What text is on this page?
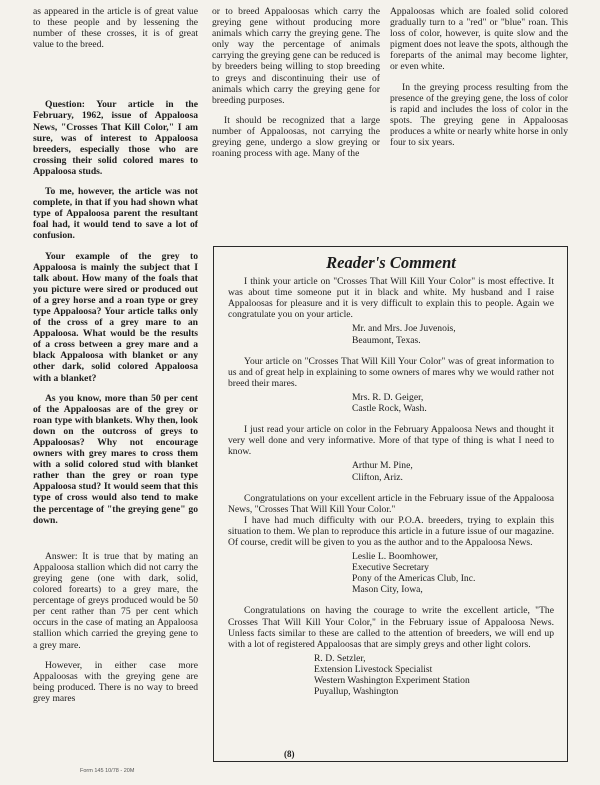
as appeared in the article is of great value to these people and by lessening the number of these crosses, it is of great value to the breed.

Question: Your article in the February, 1962, issue of Appaloosa News, "Crosses That Kill Color," I am sure, was of interest to Appaloosa breeders, especially those who are crossing their solid colored mares to Appaloosa studs.

To me, however, the article was not complete, in that if you had shown what type of Appaloosa parent the resultant foal had, it would tend to save a lot of confusion.

Your example of the grey to Appaloosa is mainly the subject that I talk about. How many of the foals that you picture were sired or produced out of a grey horse and a roan type or grey type Appaloosa? Your article talks only of the cross of a grey mare to an Appaloosa. What would be the results of a cross between a grey mare and a black Appaloosa with blanket or any other dark, solid colored Appaloosa with a blanket?

As you know, more than 50 per cent of the Appaloosas are of the grey or roan type with blankets. Why then, look down on the outcross of greys to Appaloosas? Why not encourage owners with grey mares to cross them with a solid colored stud with blanket rather than the grey or roan type Appaloosa stud? It would seem that this type of cross would also tend to make the percentage of "the greying gene" go down.

Answer: It is true that by mating an Appaloosa stallion which did not carry the greying gene (one with dark, solid, colored forearts) to a grey mare, the percentage of greys produced would be 50 per cent rather than 75 per cent which occurs in the case of mating an Appaloosa stallion which carried the greying gene to a grey mare.

However, in either case more Appaloosas with the greying gene are being produced. There is no way to breed grey mares

or to breed Appaloosas which carry the greying gene without producing more animals which carry the greying gene. The only way the percentage of animals carrying the greying gene can be reduced is by breeders being willing to stop breeding to greys and discontinuing their use of animals which carry the greying gene for breeding purposes.

It should be recognized that a large number of Appaloosas, not carrying the greying gene, undergo a slow greying or roaning process with age. Many of the

Appaloosas which are foaled solid colored gradually turn to a "red" or "blue" roan. This loss of color, however, is quite slow and the pigment does not leave the spots, although the foreparts of the animal may become lighter, or even white.

In the greying process resulting from the presence of the greying gene, the loss of color is rapid and includes the loss of color in the spots. The greying gene in Appaloosas produces a white or nearly white horse in only four to six years.

Reader's Comment

I think your article on "Crosses That Will Kill Your Color" is most effective. It was about time someone put it in black and white. My husband and I raise Appaloosas for pleasure and it is very difficult to explain this to people. Again we congratulate you on your article.

Mr. and Mrs. Joe Juvenois,
Beaumont, Texas.

Your article on "Crosses That Will Kill Your Color" was of great information to us and of great help in explaining to some owners of mares why we would rather not breed their mares.

Mrs. R. D. Geiger,
Castle Rock, Wash.

I just read your article on color in the February Appaloosa News and thought it very well done and very informative. More of that type of thing is what I need to know.

Arthur M. Pine,
Clifton, Ariz.

Congratulations on your excellent article in the February issue of the Appaloosa News, "Crosses That Will Kill Your Color."

I have had much difficulty with our P.O.A. breeders, trying to explain this situation to them. We plan to reproduce this article in a future issue of our magazine. Of course, credit will be given to you as the author and to the Appaloosa News.

Leslie L. Boomhower,
Executive Secretary
Pony of the Americas Club, Inc.
Mason City, Iowa,

Congratulations on having the courage to write the excellent article, "The Crosses That Will Kill Your Color," in the February issue of Appaloosa News. Unless facts similar to these are called to the attention of breeders, we will end up with a lot of registered Appaloosas that are simply greys and other light colors.

R. D. Setzler,
Extension Livestock Specialist
Western Washington Experiment Station
Puyallup, Washington
(8)
Form 145 10/78 - 20M
